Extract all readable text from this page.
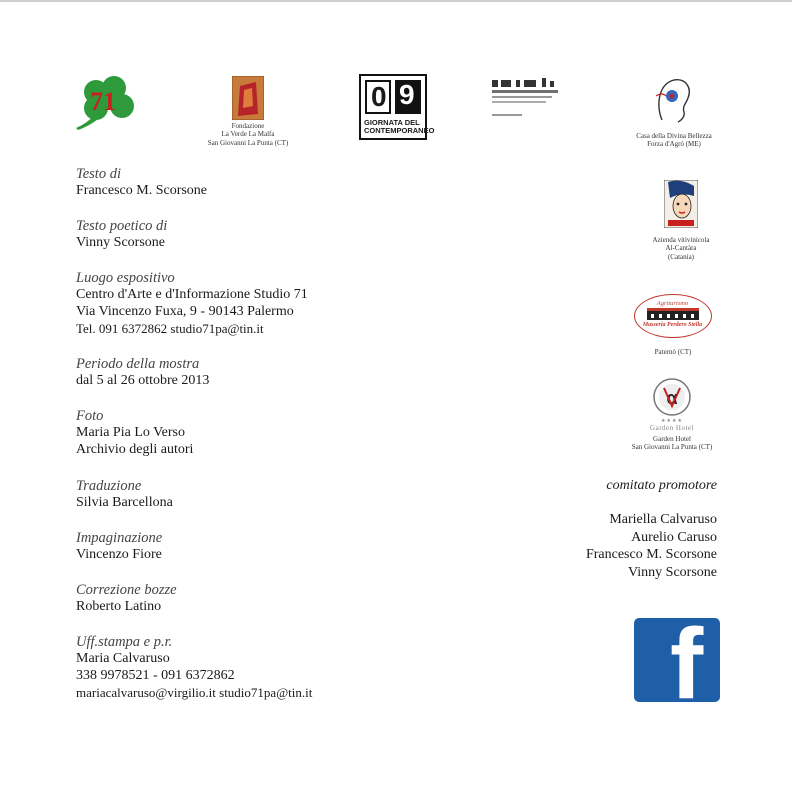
71
Fondazione
La Verde La Malfa
San Giovanni La Punta (CT)
0 9
GIORNATA DEL
CONTEMPORANEO
Casa della Divina Bellezza
Forza d'Agrò (ME)
Azienda vitivinicola
Al-Cantàra
(Catania)
Agriturismo
Masseria Perdero Stella
Paternò (CT)
α
★★★★
Garden Hotel
Garden Hotel
San Giovanni La Punta (CT)
Testo di
Francesco M. Scorsone
Testo poetico di
Vinny Scorsone
Luogo espositivo
Centro d'Arte e d'Informazione Studio 71
Via Vincenzo Fuxa, 9 - 90143 Palermo
Tel. 091 6372862 studio71pa@tin.it
Periodo della mostra
dal 5 al 26 ottobre 2013
Foto
Maria Pia Lo Verso
Archivio degli autori
Traduzione
Silvia Barcellona
Impaginazione
Vincenzo Fiore
Correzione bozze
Roberto Latino
Uff.stampa e p.r.
Maria Calvaruso
338 9978521 - 091 6372862
mariacalvaruso@virgilio.it studio71pa@tin.it
comitato promotore
Mariella Calvaruso
Aurelio Caruso
Francesco M. Scorsone
Vinny Scorsone
f
